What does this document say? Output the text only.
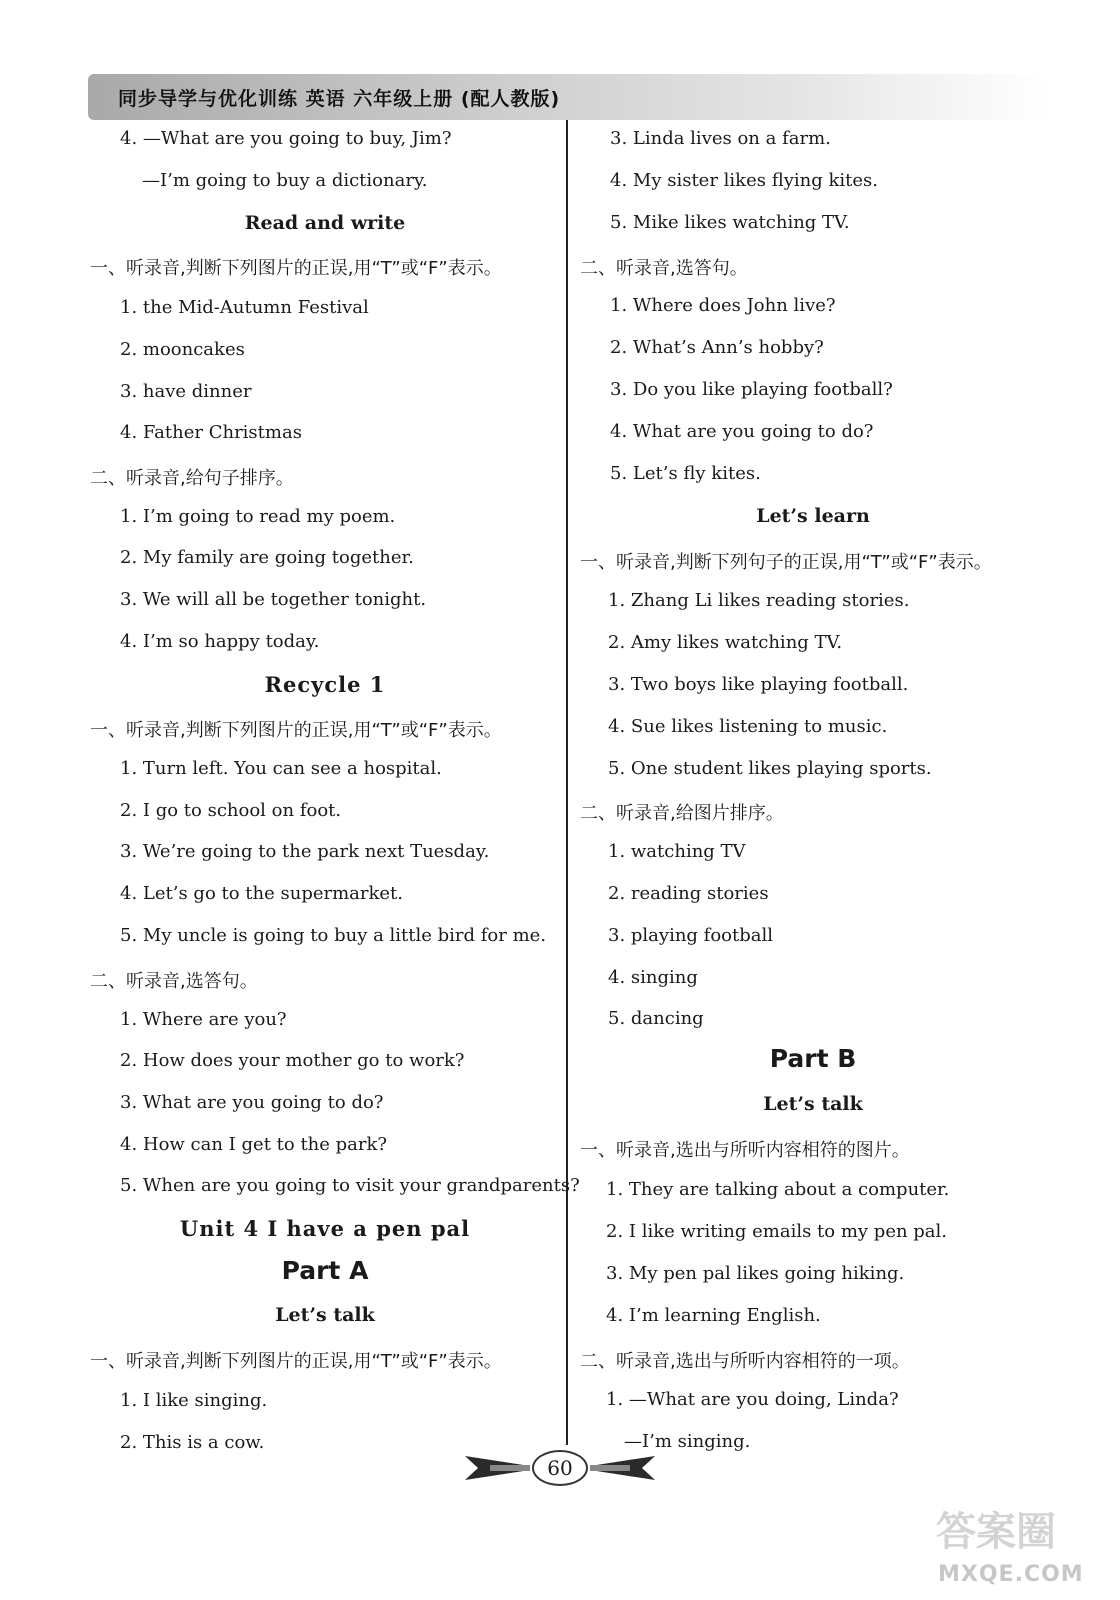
同步导学与优化训练 英语 六年级上册 (配人教版)
4. —What are you going to buy, Jim?
—I’m going to buy a dictionary.
Read and write
一、听录音,判断下列图片的正误,用“T”或“F”表示。
1. the Mid-Autumn Festival
2. mooncakes
3. have dinner
4. Father Christmas
二、听录音,给句子排序。
1. I’m going to read my poem.
2. My family are going together.
3. We will all be together tonight.
4. I’m so happy today.
Recycle 1
一、听录音,判断下列图片的正误,用“T”或“F”表示。
1. Turn left. You can see a hospital.
2. I go to school on foot.
3. We’re going to the park next Tuesday.
4. Let’s go to the supermarket.
5. My uncle is going to buy a little bird for me.
二、听录音,选答句。
1. Where are you?
2. How does your mother go to work?
3. What are you going to do?
4. How can I get to the park?
5. When are you going to visit your grandparents?
Unit 4 I have a pen pal
Part A
Let’s talk
一、听录音,判断下列图片的正误,用“T”或“F”表示。
1. I like singing.
2. This is a cow.
3. Linda lives on a farm.
4. My sister likes flying kites.
5. Mike likes watching TV.
二、听录音,选答句。
1. Where does John live?
2. What’s Ann’s hobby?
3. Do you like playing football?
4. What are you going to do?
5. Let’s fly kites.
Let’s learn
一、听录音,判断下列句子的正误,用“T”或“F”表示。
1. Zhang Li likes reading stories.
2. Amy likes watching TV.
3. Two boys like playing football.
4. Sue likes listening to music.
5. One student likes playing sports.
二、听录音,给图片排序。
1. watching TV
2. reading stories
3. playing football
4. singing
5. dancing
Part B
Let’s talk
一、听录音,选出与所听内容相符的图片。
1. They are talking about a computer.
2. I like writing emails to my pen pal.
3. My pen pal likes going hiking.
4. I’m learning English.
二、听录音,选出与所听内容相符的一项。
1. —What are you doing, Linda?
—I’m singing.
60
答案圈
MXQE.COM
